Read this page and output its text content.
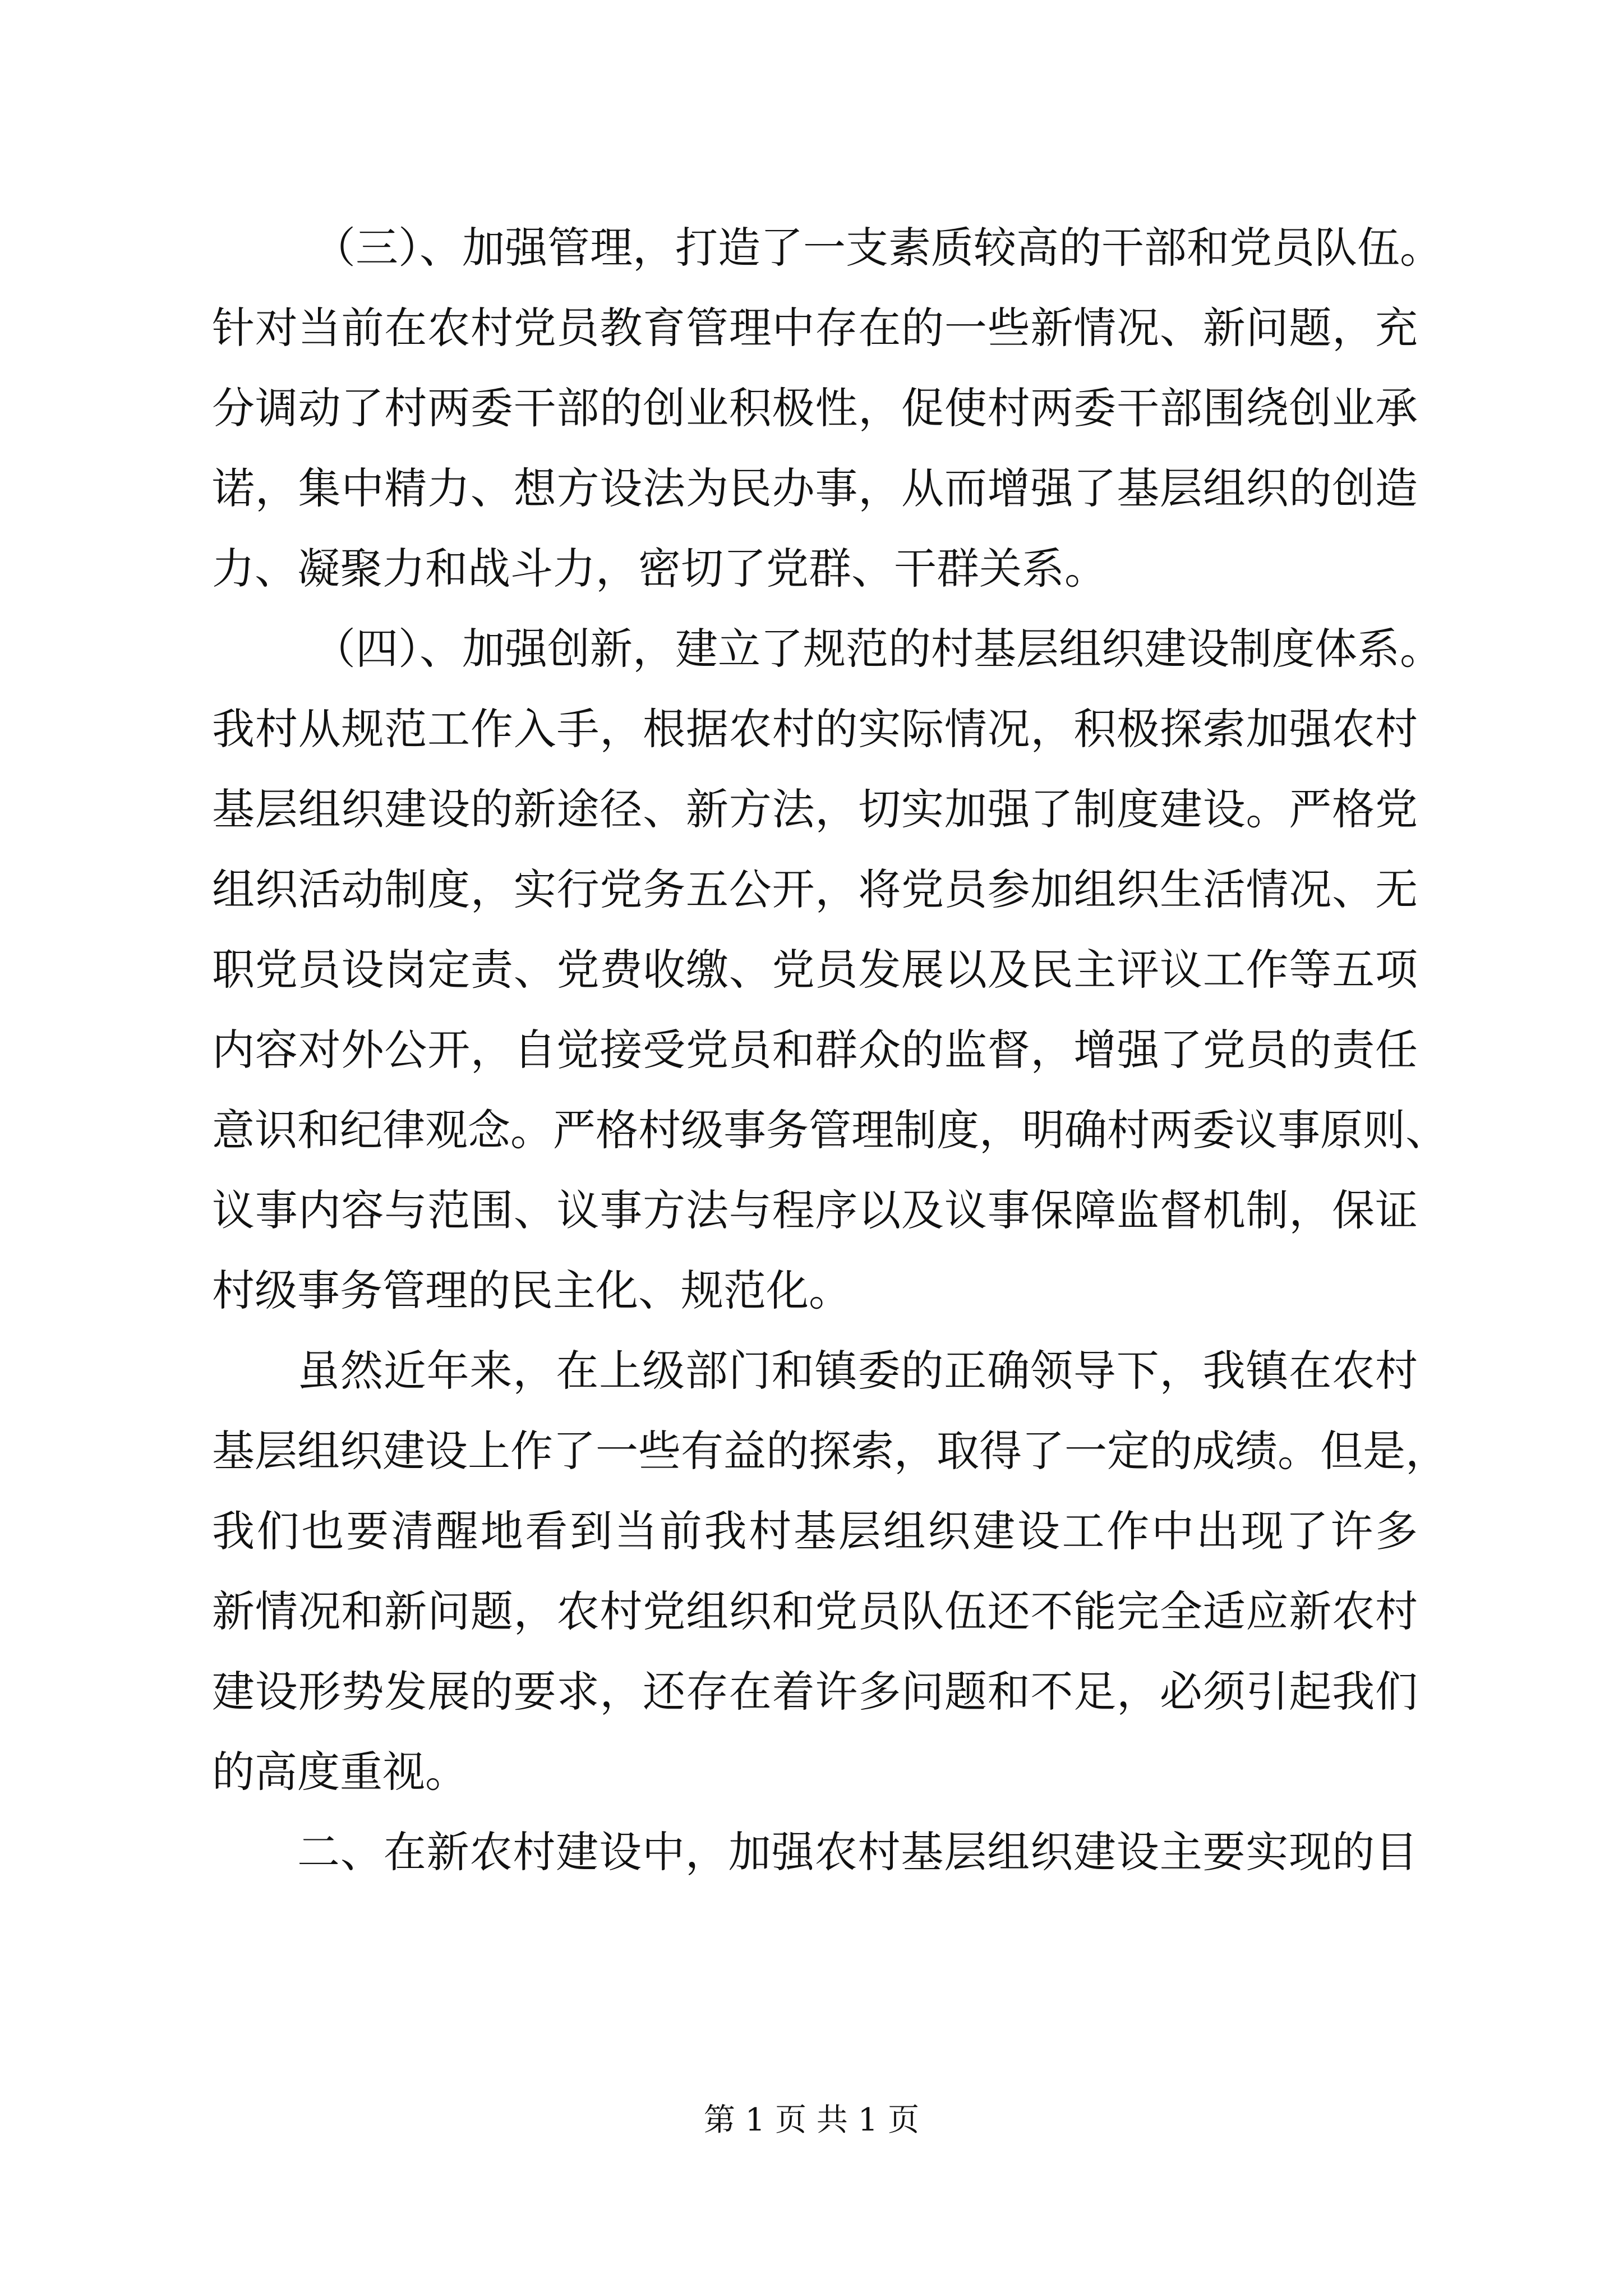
（三）、加强管理，打造了一支素质较高的干部和党员队伍。
针对当前在农村党员教育管理中存在的一些新情况、新问题，充
分调动了村两委干部的创业积极性，促使村两委干部围绕创业承
诺，集中精力、想方设法为民办事，从而增强了基层组织的创造
力、凝聚力和战斗力，密切了党群、干群关系。
（四）、加强创新，建立了规范的村基层组织建设制度体系。
我村从规范工作入手，根据农村的实际情况，积极探索加强农村
基层组织建设的新途径、新方法，切实加强了制度建设。严格党
组织活动制度，实行党务五公开，将党员参加组织生活情况、无
职党员设岗定责、党费收缴、党员发展以及民主评议工作等五项
内容对外公开，自觉接受党员和群众的监督，增强了党员的责任
意识和纪律观念。严格村级事务管理制度，明确村两委议事原则、
议事内容与范围、议事方法与程序以及议事保障监督机制，保证
村级事务管理的民主化、规范化。
虽然近年来，在上级部门和镇委的正确领导下，我镇在农村
基层组织建设上作了一些有益的探索，取得了一定的成绩。但是，
我们也要清醒地看到当前我村基层组织建设工作中出现了许多
新情况和新问题，农村党组织和党员队伍还不能完全适应新农村
建设形势发展的要求，还存在着许多问题和不足，必须引起我们
的高度重视。
二、在新农村建设中，加强农村基层组织建设主要实现的目
第 1 页 共 1 页
